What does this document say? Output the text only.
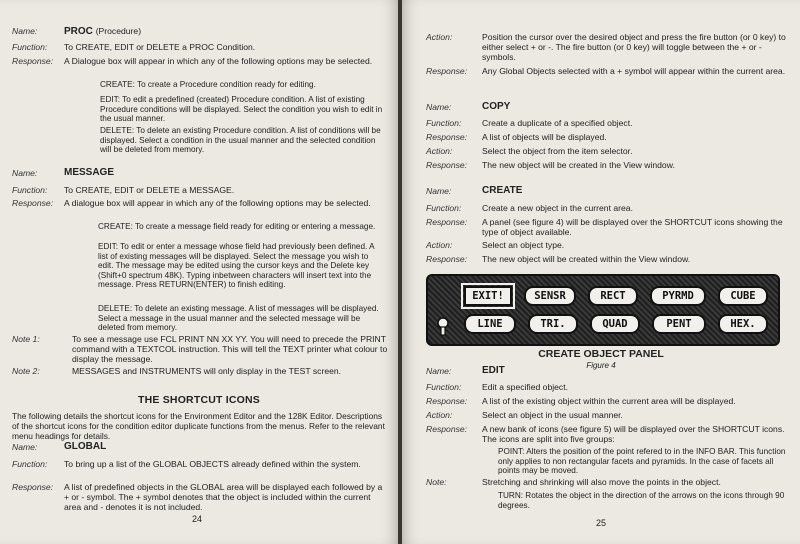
Name:	PROC (Procedure)
Function:	To CREATE, EDIT or DELETE a PROC Condition.
Response:	A Dialogue box will appear in which any of the following options may be selected.
CREATE: To create a Procedure condition ready for editing.
EDIT: To edit a predefined (created) Procedure condition. A list of existing Procedure conditions will be displayed. Select the condition you wish to edit in the usual manner.
DELETE: To delete an existing Procedure condition. A list of conditions will be displayed. Select a condition in the usual manner and the selected condition will be deleted from memory.
Name:	MESSAGE
Function:	To CREATE, EDIT or DELETE a MESSAGE.
Response:	A dialogue box will appear in which any of the following options may be selected.
CREATE: To create a message field ready for editing or entering a message.
EDIT: To edit or enter a message whose field had previously been defined. A list of existing messages will be displayed. Select the message you wish to edit. The message may be edited using the cursor keys and the Delete key (Shift+0 spectrum 48K). Typing inbetween characters will insert text into the message. Press RETURN(ENTER) to finish editing.
DELETE: To delete an existing message. A list of messages will be displayed. Select a message in the usual manner and the selected message will be deleted from memory.
Note 1:	To see a message use FCL PRINT NN XX YY. You will need to precede the PRINT command with a TEXTCOL instruction. This will tell the TEXT printer what colour to display the message.
Note 2:	MESSAGES and INSTRUMENTS will only display in the TEST screen.
THE SHORTCUT ICONS
The following details the shortcut icons for the Environment Editor and the 128K Editor. Descriptions of the shortcut icons for the condition editor duplicate functions from the menus. Refer to the relevant menu headings for details.
Name:	GLOBAL
Function:	To bring up a list of the GLOBAL OBJECTS already defined within the system.
Response:	A list of predefined objects in the GLOBAL area will be displayed each followed by a + or - symbol. The + symbol denotes that the object is included within the current area and - denotes it is not included.
24
Action:	Position the cursor over the desired object and press the fire button (or 0 key) to either select + or -. The fire button (or 0 key) will toggle between the + or - symbols.
Response:	Any Global Objects selected with a + symbol will appear within the current area.
Name:	COPY
Function:	Create a duplicate of a specified object.
Response:	A list of objects will be displayed.
Action:	Select the object from the item selector.
Response:	The new object will be created in the View window.
Name:	CREATE
Function:	Create a new object in the current area.
Response:	A panel (see figure 4) will be displayed over the SHORTCUT icons showing the type of object available.
Action:	Select an object type.
Response:	The new object will be created within the View window.
EXIT!	SENSR	RECT	PYRMD	CUBE
LINE	TRI.	QUAD	PENT	HEX.
CREATE OBJECT PANEL
Figure 4
Name:	EDIT
Function:	Edit a specified object.
Response:	A list of the existing object within the current area will be displayed.
Action:	Select an object in the usual manner.
Response:	A new bank of icons (see figure 5) will be displayed over the SHORTCUT icons. The icons are split into five groups:
POINT: Alters the position of the point refered to in the INFO BAR. This function only applies to non rectangular facets and pyramids. In the case of facets all points may be moved.
Note:	Stretching and shrinking will also move the points in the object.
TURN: Rotates the object in the direction of the arrows on the icons through 90 degrees.
25
